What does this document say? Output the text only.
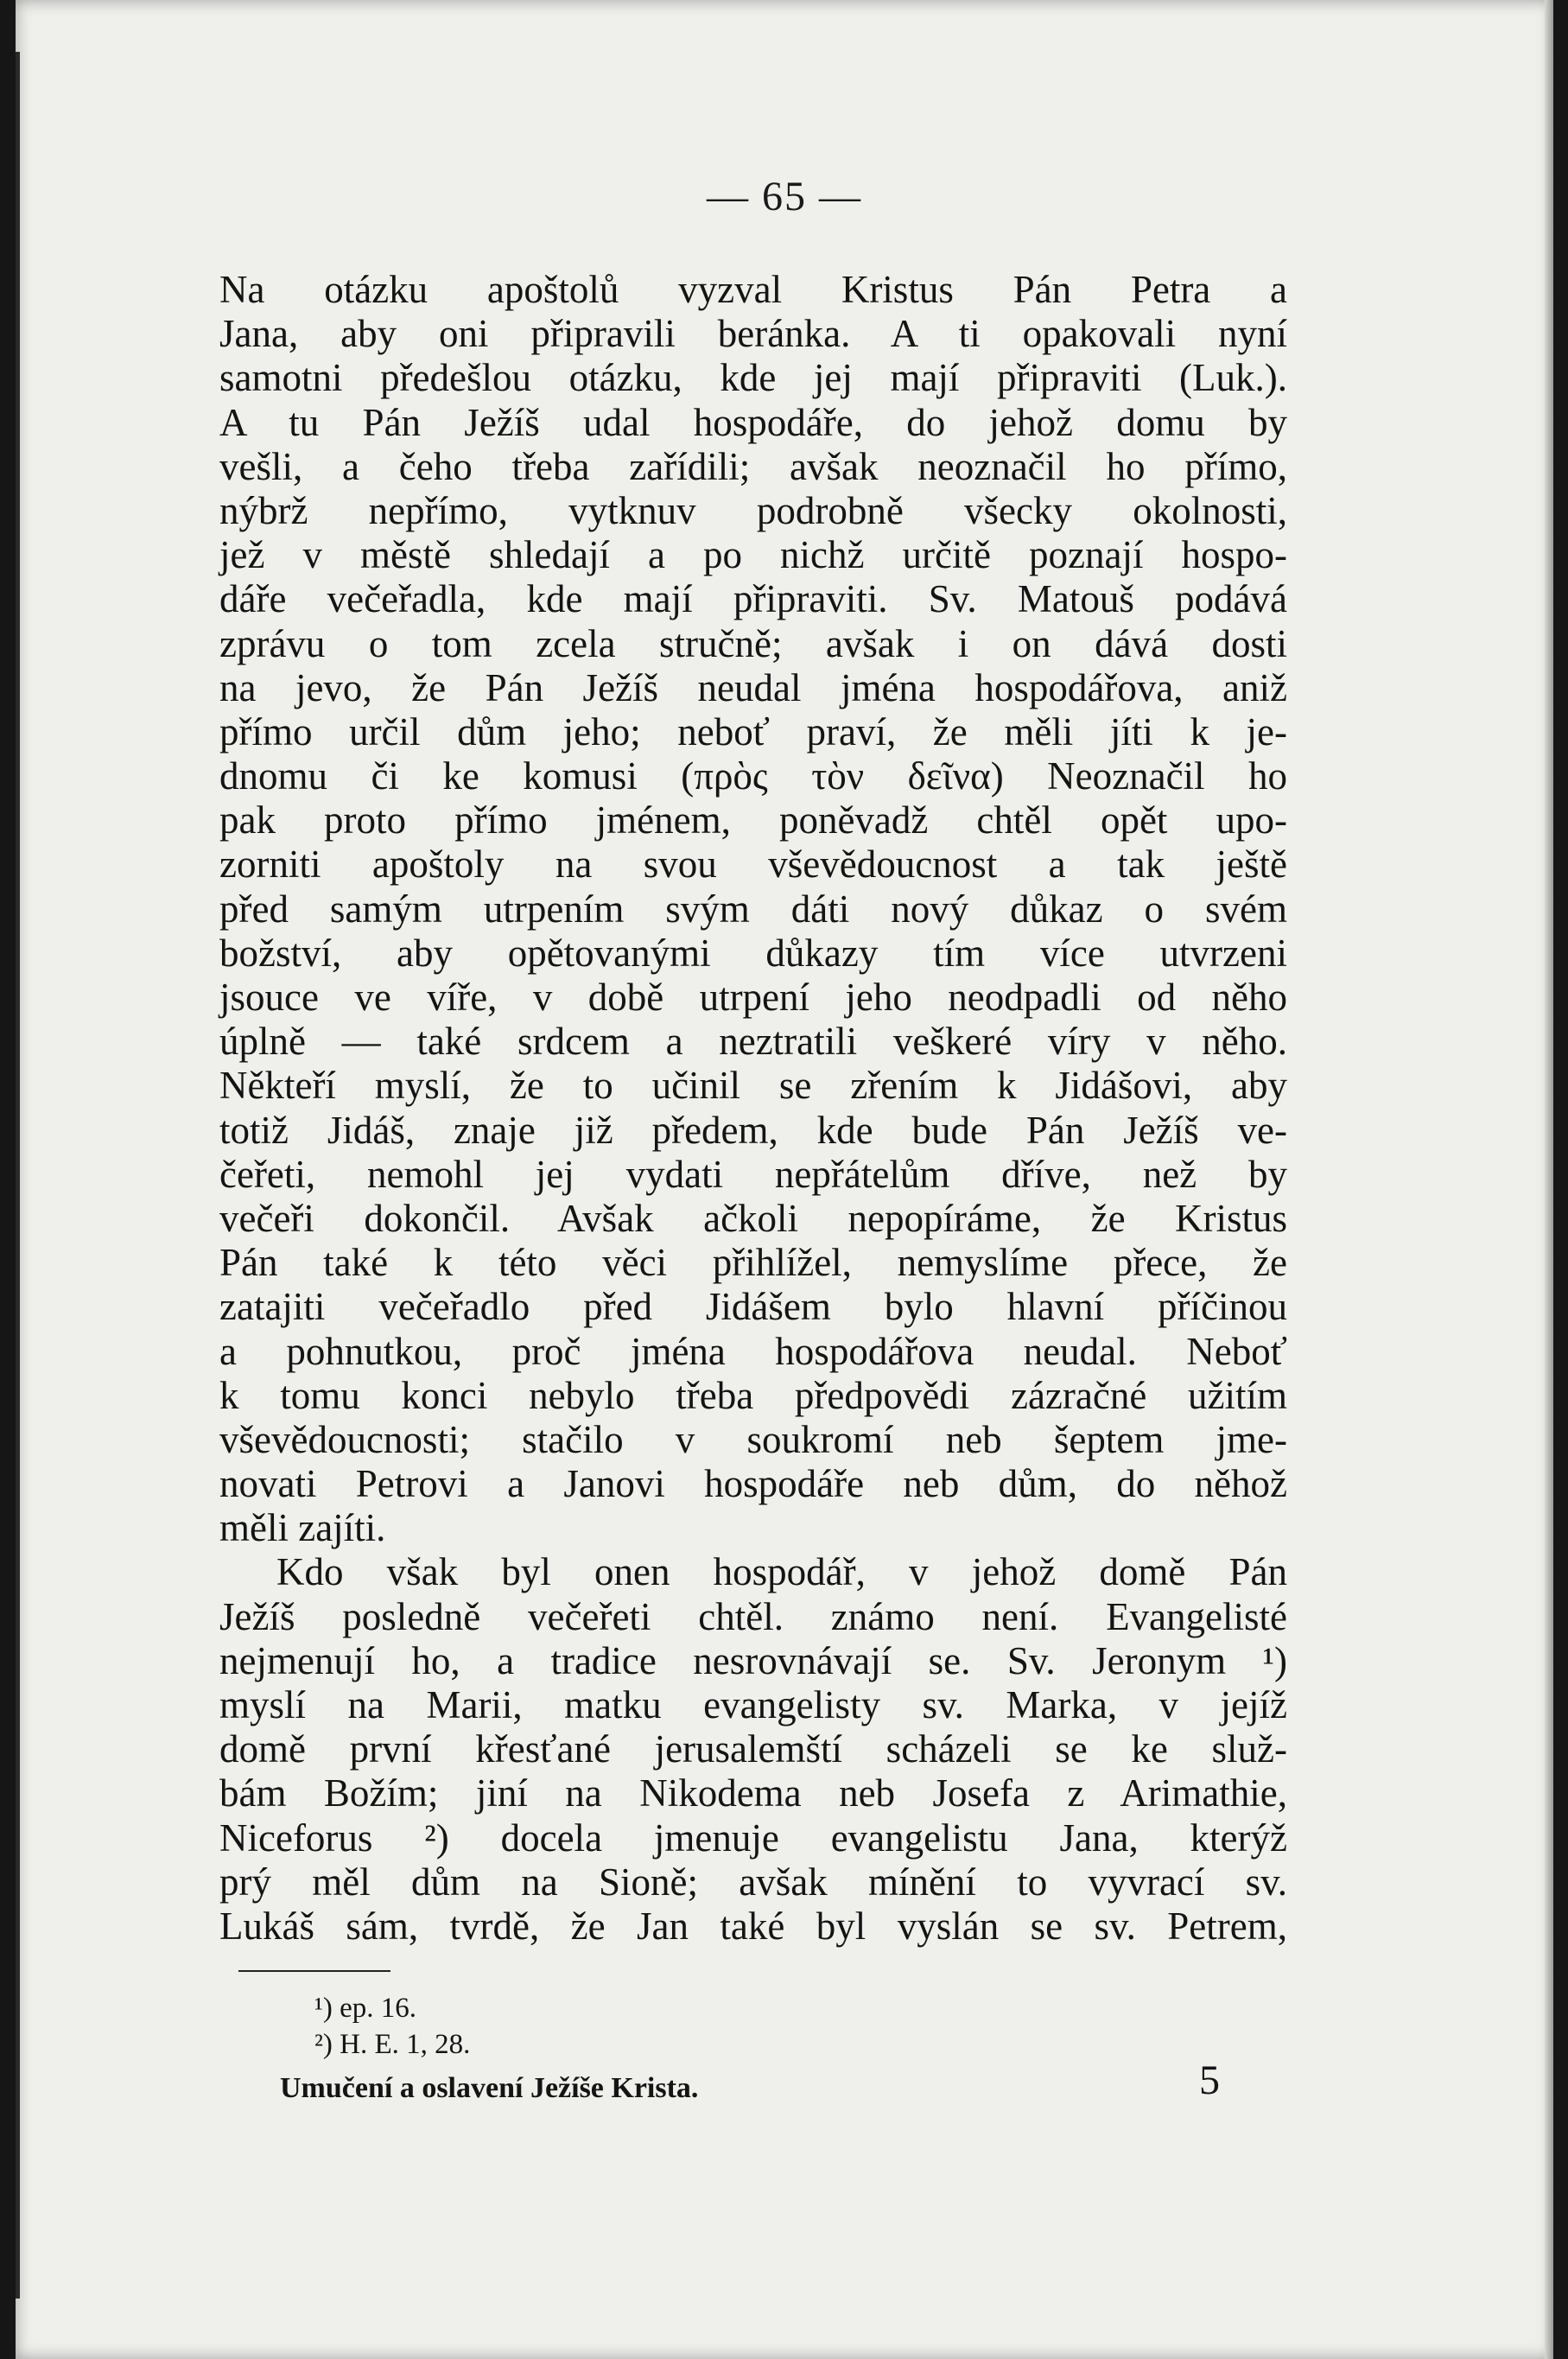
— 65 —
Na otázku apoštolů vyzval Kristus Pán Petra a
Jana, aby oni připravili beránka. A ti opakovali nyní
samotni předešlou otázku, kde jej mají připraviti (Luk.).
A tu Pán Ježíš udal hospodáře, do jehož domu by
vešli, a čeho třeba zařídili; avšak neoznačil ho přímo,
nýbrž nepřímo, vytknuv podrobně všecky okolnosti,
jež v městě shledají a po nichž určitě poznají hospo-
dáře večeřadla, kde mají připraviti. Sv. Matouš podává
zprávu o tom zcela stručně; avšak i on dává dosti
na jevo, že Pán Ježíš neudal jména hospodářova, aniž
přímo určil dům jeho; neboť praví, že měli jíti k je-
dnomu či ke komusi (πρὸς τὸν δεῖνα) Neoznačil ho
pak proto přímo jménem, poněvadž chtěl opět upo-
zorniti apoštoly na svou vševědoucnost a tak ještě
před samým utrpením svým dáti nový důkaz o svém
božství, aby opětovanými důkazy tím více utvrzeni
jsouce ve víře, v době utrpení jeho neodpadli od něho
úplně — také srdcem a neztratili veškeré víry v něho.
Někteří myslí, že to učinil se zřením k Jidášovi, aby
totiž Jidáš, znaje již předem, kde bude Pán Ježíš ve-
čeřeti, nemohl jej vydati nepřátelům dříve, než by
večeři dokončil. Avšak ačkoli nepopíráme, že Kristus
Pán také k této věci přihlížel, nemyslíme přece, že
zatajiti večeřadlo před Jidášem bylo hlavní příčinou
a pohnutkou, proč jména hospodářova neudal. Neboť
k tomu konci nebylo třeba předpovědi zázračné užitím
vševědoucnosti; stačilo v soukromí neb šeptem jme-
novati Petrovi a Janovi hospodáře neb dům, do něhož
měli zajíti.
Kdo však byl onen hospodář, v jehož domě Pán
Ježíš posledně večeřeti chtěl. známo není. Evangelisté
nejmenují ho, a tradice nesrovnávají se. Sv. Jeronym ¹)
myslí na Marii, matku evangelisty sv. Marka, v jejíž
domě první křesťané jerusalemští scházeli se ke služ-
bám Božím; jiní na Nikodema neb Josefa z Arimathie,
Niceforus ²) docela jmenuje evangelistu Jana, kterýž
prý měl dům na Sioně; avšak mínění to vyvrací sv.
Lukáš sám, tvrdě, že Jan také byl vyslán se sv. Petrem,
¹) ep. 16.
²) H. E. 1, 28.
Umučení a oslavení Ježíše Krista.	5
